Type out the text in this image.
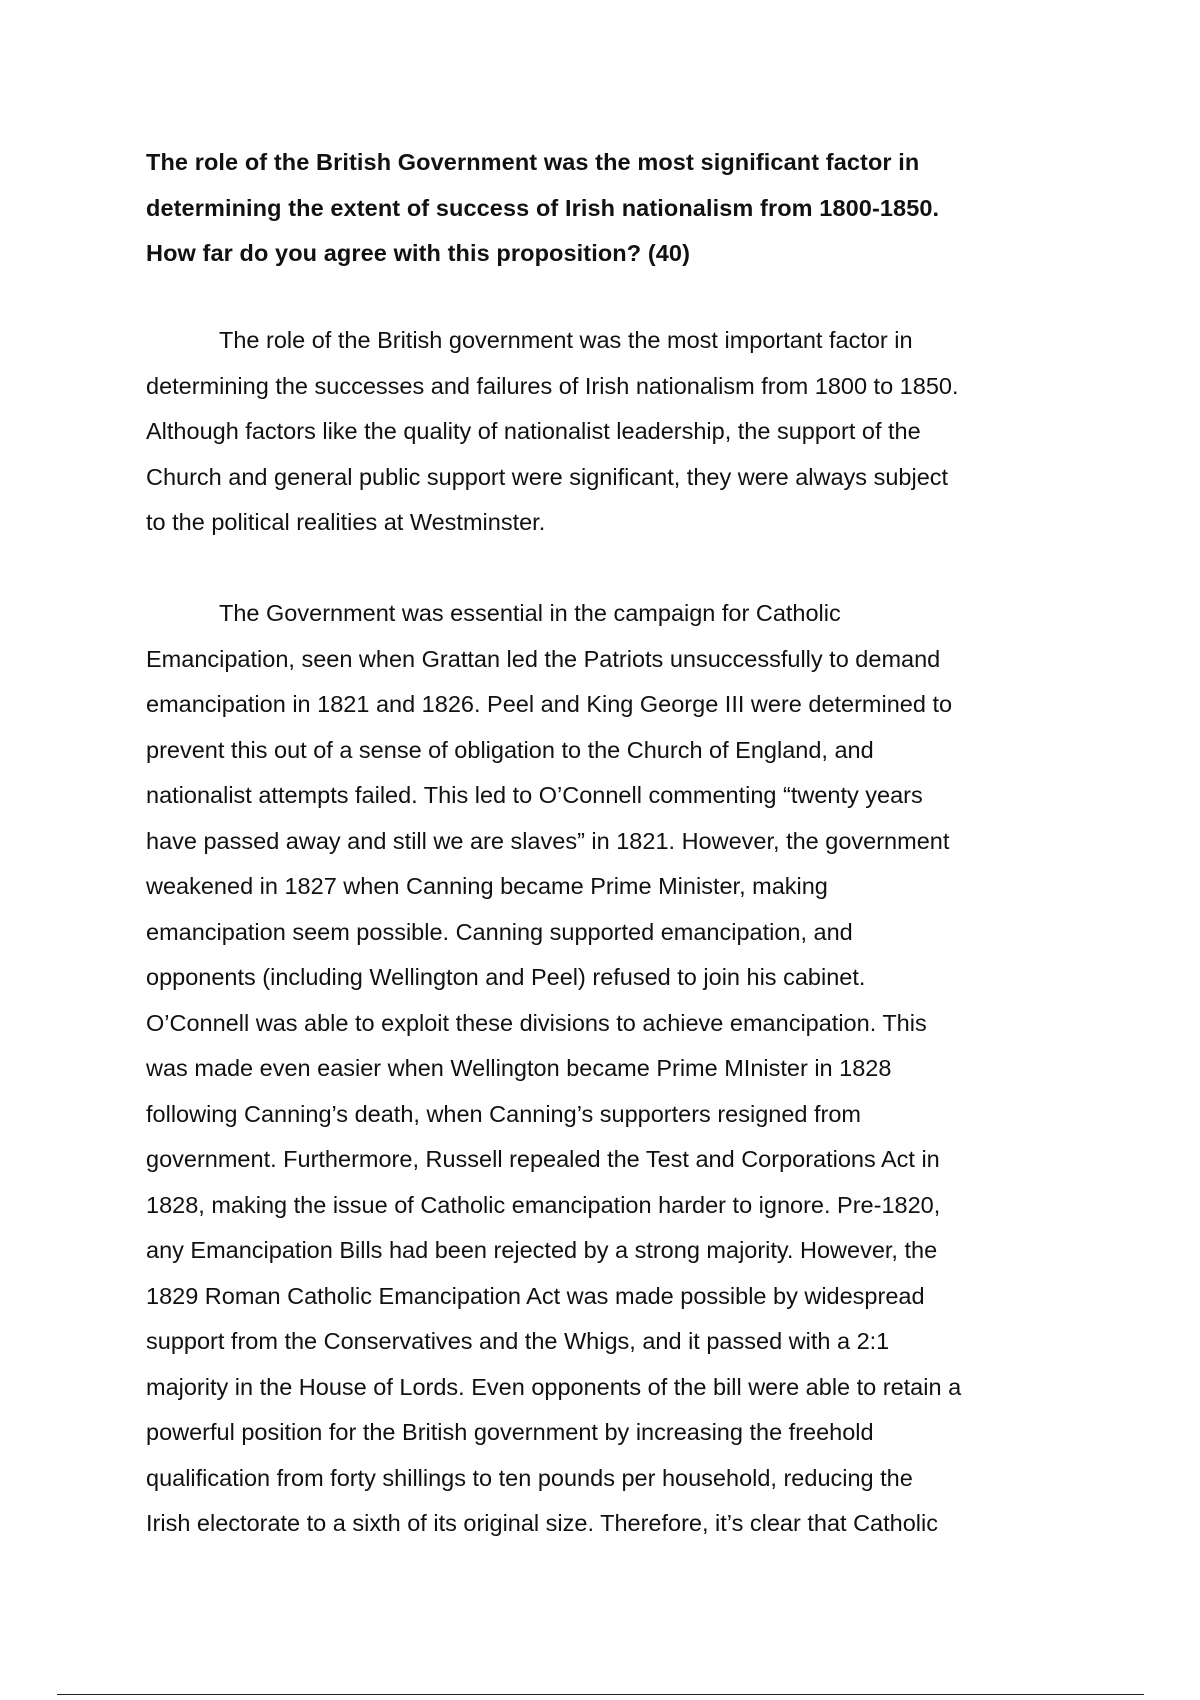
The role of the British Government was the most significant factor in
determining the extent of success of Irish nationalism from 1800-1850.
How far do you agree with this proposition? (40)

The role of the British government was the most important factor in
determining the successes and failures of Irish nationalism from 1800 to 1850.
Although factors like the quality of nationalist leadership, the support of the
Church and general public support were significant, they were always subject
to the political realities at Westminster.

The Government was essential in the campaign for Catholic
Emancipation, seen when Grattan led the Patriots unsuccessfully to demand
emancipation in 1821 and 1826. Peel and King George III were determined to
prevent this out of a sense of obligation to the Church of England, and
nationalist attempts failed. This led to O’Connell commenting “twenty years
have passed away and still we are slaves” in 1821. However, the government
weakened in 1827 when Canning became Prime Minister, making
emancipation seem possible. Canning supported emancipation, and
opponents (including Wellington and Peel) refused to join his cabinet.
O’Connell was able to exploit these divisions to achieve emancipation. This
was made even easier when Wellington became Prime MInister in 1828
following Canning’s death, when Canning’s supporters resigned from
government. Furthermore, Russell repealed the Test and Corporations Act in
1828, making the issue of Catholic emancipation harder to ignore. Pre-1820,
any Emancipation Bills had been rejected by a strong majority. However, the
1829 Roman Catholic Emancipation Act was made possible by widespread
support from the Conservatives and the Whigs, and it passed with a 2:1
majority in the House of Lords. Even opponents of the bill were able to retain a
powerful position for the British government by increasing the freehold
qualification from forty shillings to ten pounds per household, reducing the
Irish electorate to a sixth of its original size. Therefore, it’s clear that Catholic
